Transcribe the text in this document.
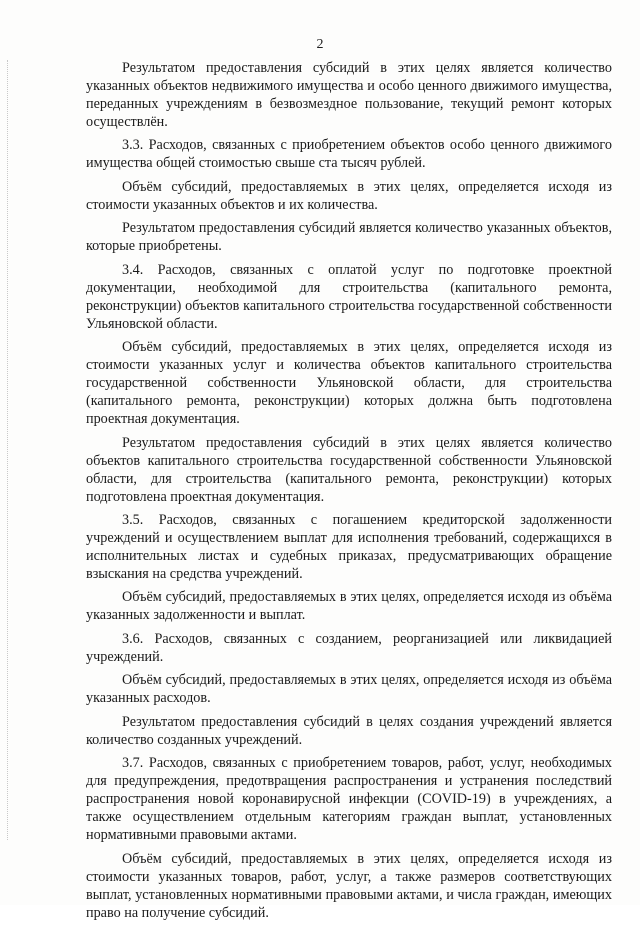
2

Результатом предоставления субсидий в этих целях является количество указанных объектов недвижимого имущества и особо ценного движимого имущества, переданных учреждениям в безвозмездное пользование, текущий ремонт которых осуществлён.

3.3. Расходов, связанных с приобретением объектов особо ценного движимого имущества общей стоимостью свыше ста тысяч рублей.

Объём субсидий, предоставляемых в этих целях, определяется исходя из стоимости указанных объектов и их количества.

Результатом предоставления субсидий является количество указанных объектов, которые приобретены.

3.4. Расходов, связанных с оплатой услуг по подготовке проектной документации, необходимой для строительства (капитального ремонта, реконструкции) объектов капитального строительства государственной собственности Ульяновской области.

Объём субсидий, предоставляемых в этих целях, определяется исходя из стоимости указанных услуг и количества объектов капитального строительства государственной собственности Ульяновской области, для строительства (капитального ремонта, реконструкции) которых должна быть подготовлена проектная документация.

Результатом предоставления субсидий в этих целях является количество объектов капитального строительства государственной собственности Ульяновской области, для строительства (капитального ремонта, реконструкции) которых подготовлена проектная документация.

3.5. Расходов, связанных с погашением кредиторской задолженности учреждений и осуществлением выплат для исполнения требований, содержащихся в исполнительных листах и судебных приказах, предусматривающих обращение взыскания на средства учреждений.

Объём субсидий, предоставляемых в этих целях, определяется исходя из объёма указанных задолженности и выплат.

3.6. Расходов, связанных с созданием, реорганизацией или ликвидацией учреждений.

Объём субсидий, предоставляемых в этих целях, определяется исходя из объёма указанных расходов.

Результатом предоставления субсидий в целях создания учреждений является количество созданных учреждений.

3.7. Расходов, связанных с приобретением товаров, работ, услуг, необходимых для предупреждения, предотвращения распространения и устранения последствий распространения новой коронавирусной инфекции (COVID-19) в учреждениях, а также осуществлением отдельным категориям граждан выплат, установленных нормативными правовыми актами.

Объём субсидий, предоставляемых в этих целях, определяется исходя из стоимости указанных товаров, работ, услуг, а также размеров соответствующих выплат, установленных нормативными правовыми актами, и числа граждан, имеющих право на получение субсидий.
